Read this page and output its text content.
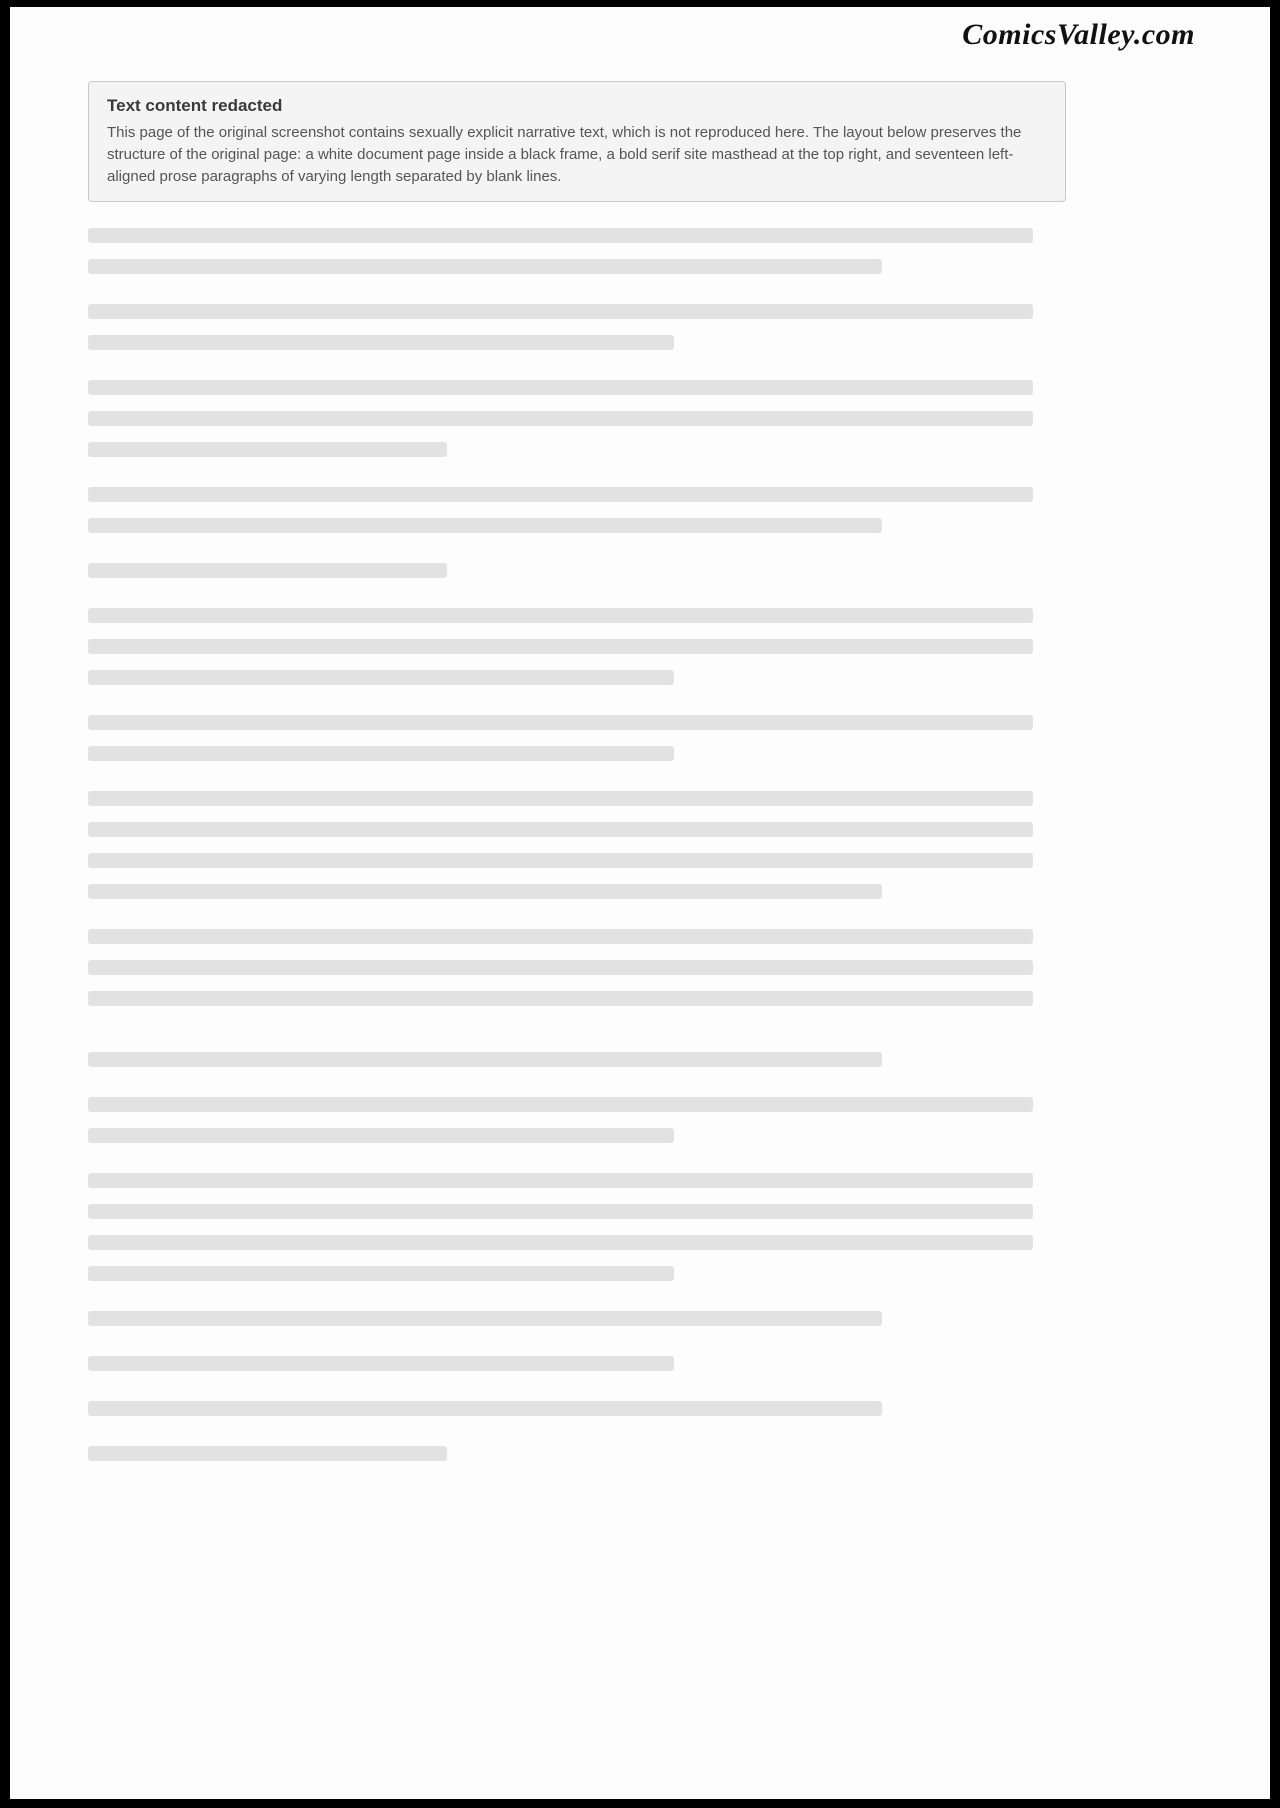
ComicsValley.com
Text content redacted
This page of the original screenshot contains sexually explicit narrative text, which is not reproduced here. The layout below preserves the structure of the original page: a white document page inside a black frame, a bold serif site masthead at the top right, and seventeen left-aligned prose paragraphs of varying length separated by blank lines.
